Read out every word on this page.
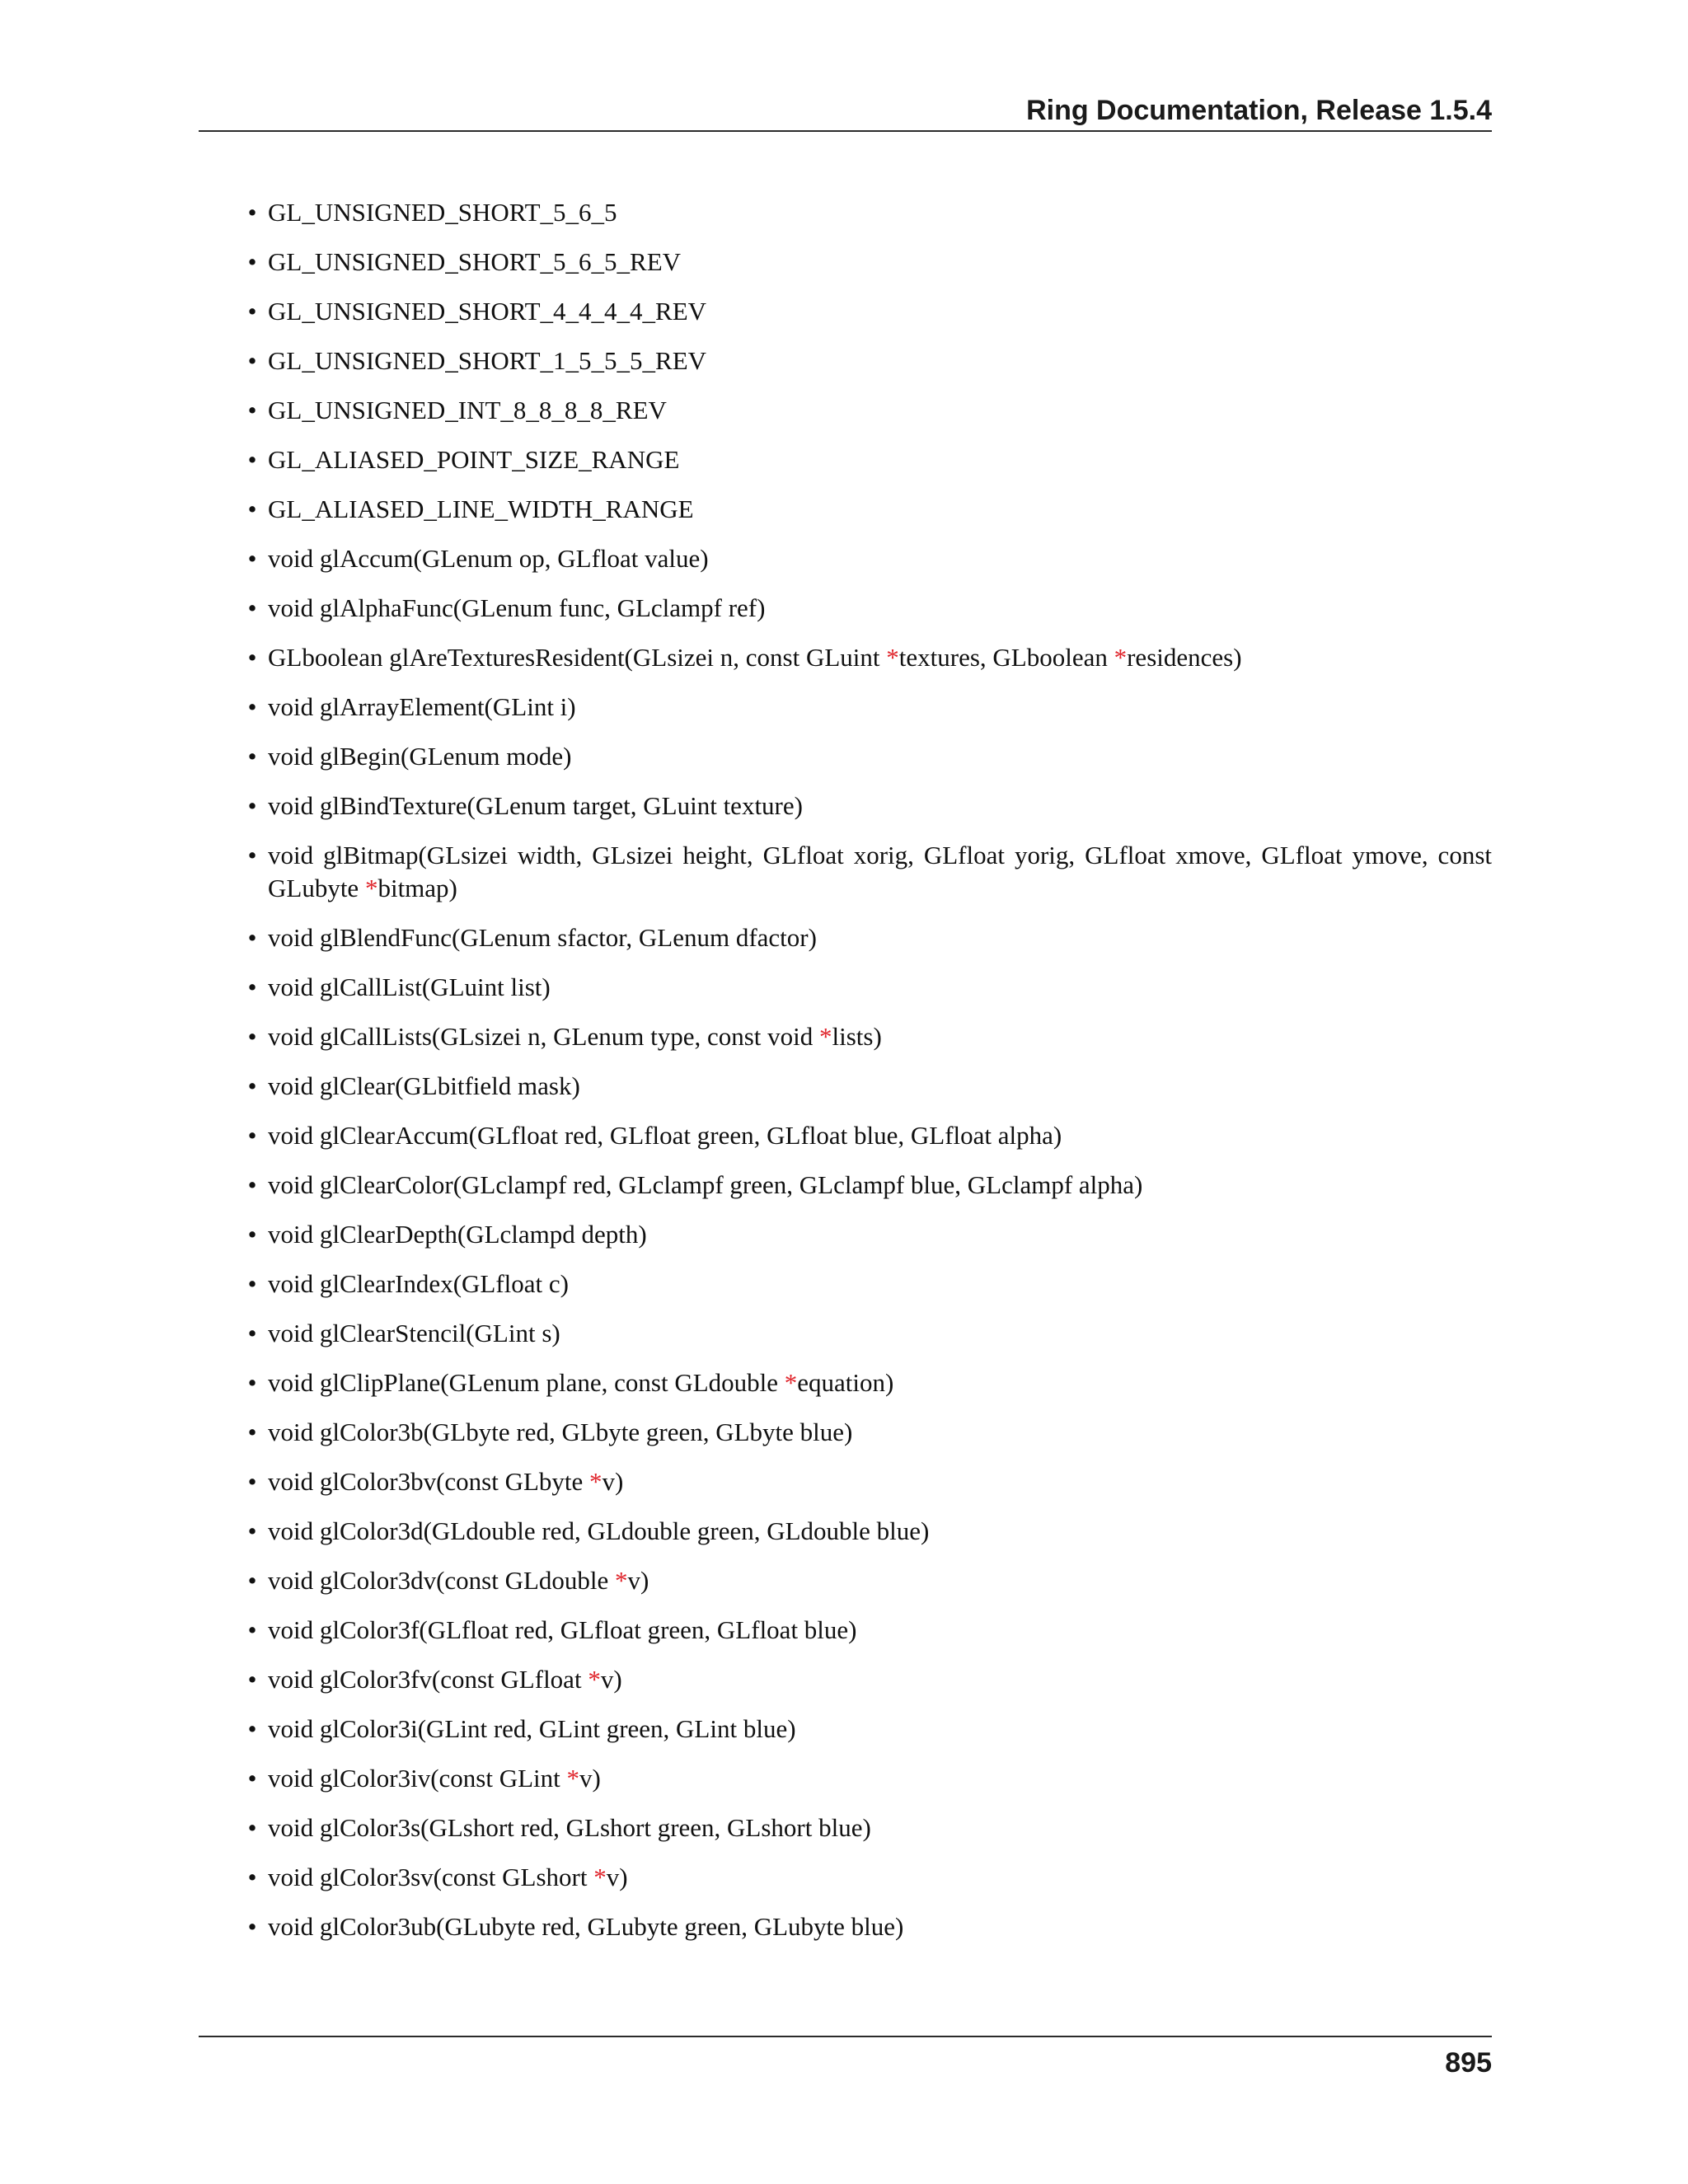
Ring Documentation, Release 1.5.4
• GL_UNSIGNED_SHORT_5_6_5
• GL_UNSIGNED_SHORT_5_6_5_REV
• GL_UNSIGNED_SHORT_4_4_4_4_REV
• GL_UNSIGNED_SHORT_1_5_5_5_REV
• GL_UNSIGNED_INT_8_8_8_8_REV
• GL_ALIASED_POINT_SIZE_RANGE
• GL_ALIASED_LINE_WIDTH_RANGE
• void glAccum(GLenum op, GLfloat value)
• void glAlphaFunc(GLenum func, GLclampf ref)
• GLboolean glAreTexturesResident(GLsizei n, const GLuint *textures, GLboolean *residences)
• void glArrayElement(GLint i)
• void glBegin(GLenum mode)
• void glBindTexture(GLenum target, GLuint texture)
• void glBitmap(GLsizei width, GLsizei height, GLfloat xorig, GLfloat yorig, GLfloat xmove, GLfloat ymove, const GLubyte *bitmap)
• void glBlendFunc(GLenum sfactor, GLenum dfactor)
• void glCallList(GLuint list)
• void glCallLists(GLsizei n, GLenum type, const void *lists)
• void glClear(GLbitfield mask)
• void glClearAccum(GLfloat red, GLfloat green, GLfloat blue, GLfloat alpha)
• void glClearColor(GLclampf red, GLclampf green, GLclampf blue, GLclampf alpha)
• void glClearDepth(GLclampd depth)
• void glClearIndex(GLfloat c)
• void glClearStencil(GLint s)
• void glClipPlane(GLenum plane, const GLdouble *equation)
• void glColor3b(GLbyte red, GLbyte green, GLbyte blue)
• void glColor3bv(const GLbyte *v)
• void glColor3d(GLdouble red, GLdouble green, GLdouble blue)
• void glColor3dv(const GLdouble *v)
• void glColor3f(GLfloat red, GLfloat green, GLfloat blue)
• void glColor3fv(const GLfloat *v)
• void glColor3i(GLint red, GLint green, GLint blue)
• void glColor3iv(const GLint *v)
• void glColor3s(GLshort red, GLshort green, GLshort blue)
• void glColor3sv(const GLshort *v)
• void glColor3ub(GLubyte red, GLubyte green, GLubyte blue)
895
